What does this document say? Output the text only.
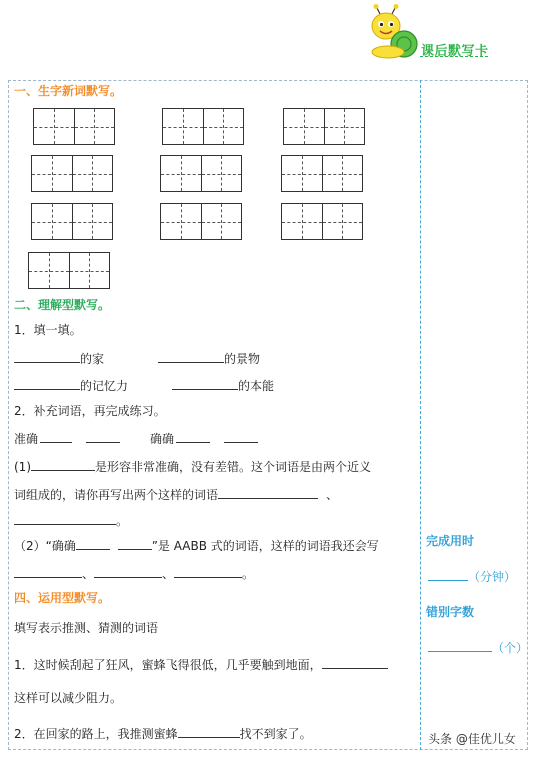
课后默写卡
一、生字新词默写。
二、理解型默写。
1．填一填。
的家	的景物
的记忆力	的本能
2．补充词语，再完成练习。
准确	确确
(1)	是形容非常准确，没有差错。这个词语是由两个近义
词组成的，请你再写出两个这样的词语	、
。
（2）“确确	”是 AABB 式的词语，这样的词语我还会写
、	、	。
四、运用型默写。
填写表示推测、猜测的词语
1．这时候刮起了狂风，蜜蜂飞得很低，几乎要触到地面，
这样可以减少阻力。
2．在回家的路上，我推测蜜蜂	找不到家了。
完成用时
（分钟）
错别字数
（个）
头条 @佳优儿女
